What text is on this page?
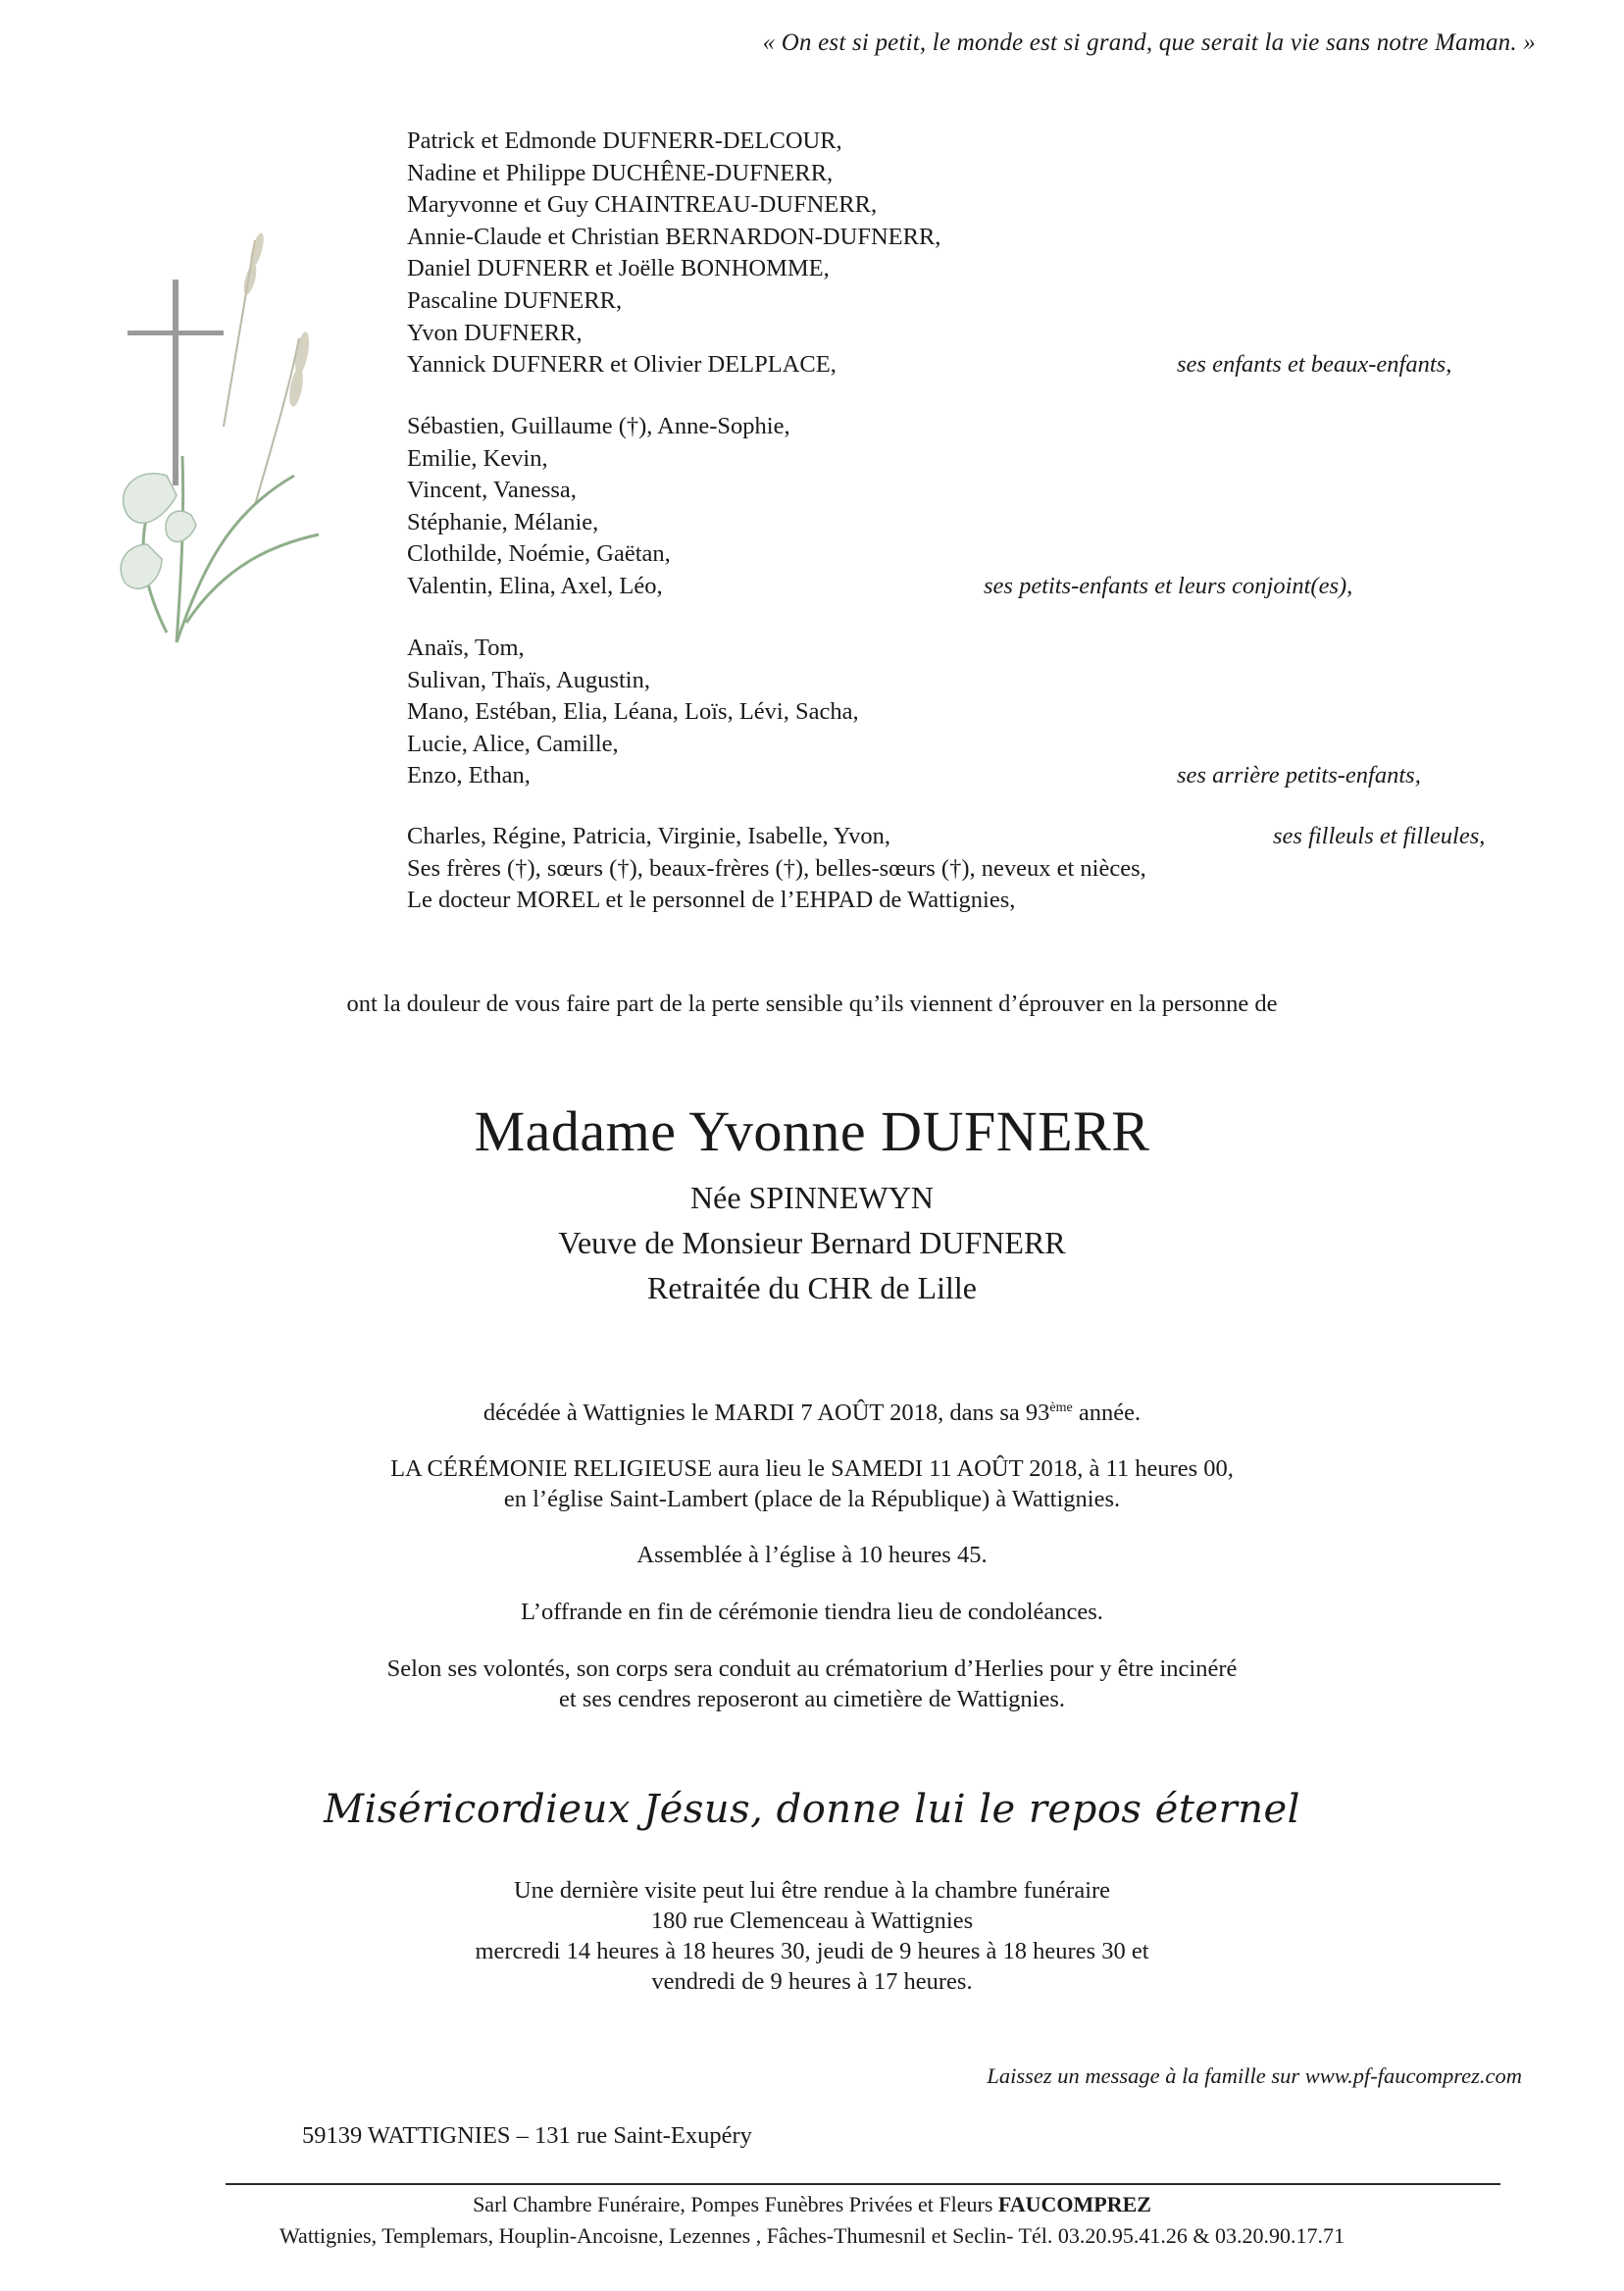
« On est si petit, le monde est si grand, que serait la vie sans notre Maman. »
Patrick et Edmonde DUFNERR-DELCOUR,
Nadine et Philippe DUCHÊNE-DUFNERR,
Maryvonne et Guy CHAINTREAU-DUFNERR,
Annie-Claude et Christian BERNARDON-DUFNERR,
Daniel DUFNERR et Joëlle BONHOMME,
Pascaline DUFNERR,
Yvon DUFNERR,
Yannick DUFNERR et Olivier DELPLACE,	ses enfants et beaux-enfants,
Sébastien, Guillaume (†), Anne-Sophie,
Emilie, Kevin,
Vincent, Vanessa,
Stéphanie, Mélanie,
Clothilde, Noémie, Gaëtan,
Valentin, Elina, Axel, Léo,	ses petits-enfants et leurs conjoint(es),
Anaïs, Tom,
Sulivan, Thaïs, Augustin,
Mano, Estéban, Elia, Léana, Loïs, Lévi, Sacha,
Lucie, Alice, Camille,
Enzo, Ethan,	ses arrière petits-enfants,
Charles, Régine, Patricia, Virginie, Isabelle, Yvon,	ses filleuls et filleules,
Ses frères (†), sœurs (†), beaux-frères (†), belles-sœurs (†), neveux et nièces,
Le docteur MOREL et le personnel de l’EHPAD de Wattignies,
ont la douleur de vous faire part de la perte sensible qu’ils viennent d’éprouver en la personne de
Madame Yvonne DUFNERR
Née SPINNEWYN
Veuve de Monsieur Bernard DUFNERR
Retraitée du CHR de Lille
décédée à Wattignies le MARDI 7 AOÛT 2018, dans sa 93ème année.
LA CÉRÉMONIE RELIGIEUSE aura lieu le SAMEDI 11 AOÛT 2018, à 11 heures 00,
en l’église Saint-Lambert (place de la République) à Wattignies.
Assemblée à l’église à 10 heures 45.
L’offrande en fin de cérémonie tiendra lieu de condoléances.
Selon ses volontés, son corps sera conduit au crématorium d’Herlies pour y être incinéré
et ses cendres reposeront au cimetière de Wattignies.
Miséricordieux Jésus, donne lui le repos éternel
Une dernière visite peut lui être rendue à la chambre funéraire
180 rue Clemenceau à Wattignies
mercredi 14 heures à 18 heures 30, jeudi de 9 heures à 18 heures 30 et
vendredi de 9 heures à 17 heures.
Laissez un message à la famille sur www.pf-faucomprez.com
59139 WATTIGNIES – 131 rue Saint-Exupéry
Sarl Chambre Funéraire, Pompes Funèbres Privées et Fleurs FAUCOMPREZ
Wattignies, Templemars, Houplin-Ancoisne, Lezennes , Fâches-Thumesnil et Seclin- Tél. 03.20.95.41.26 & 03.20.90.17.71
